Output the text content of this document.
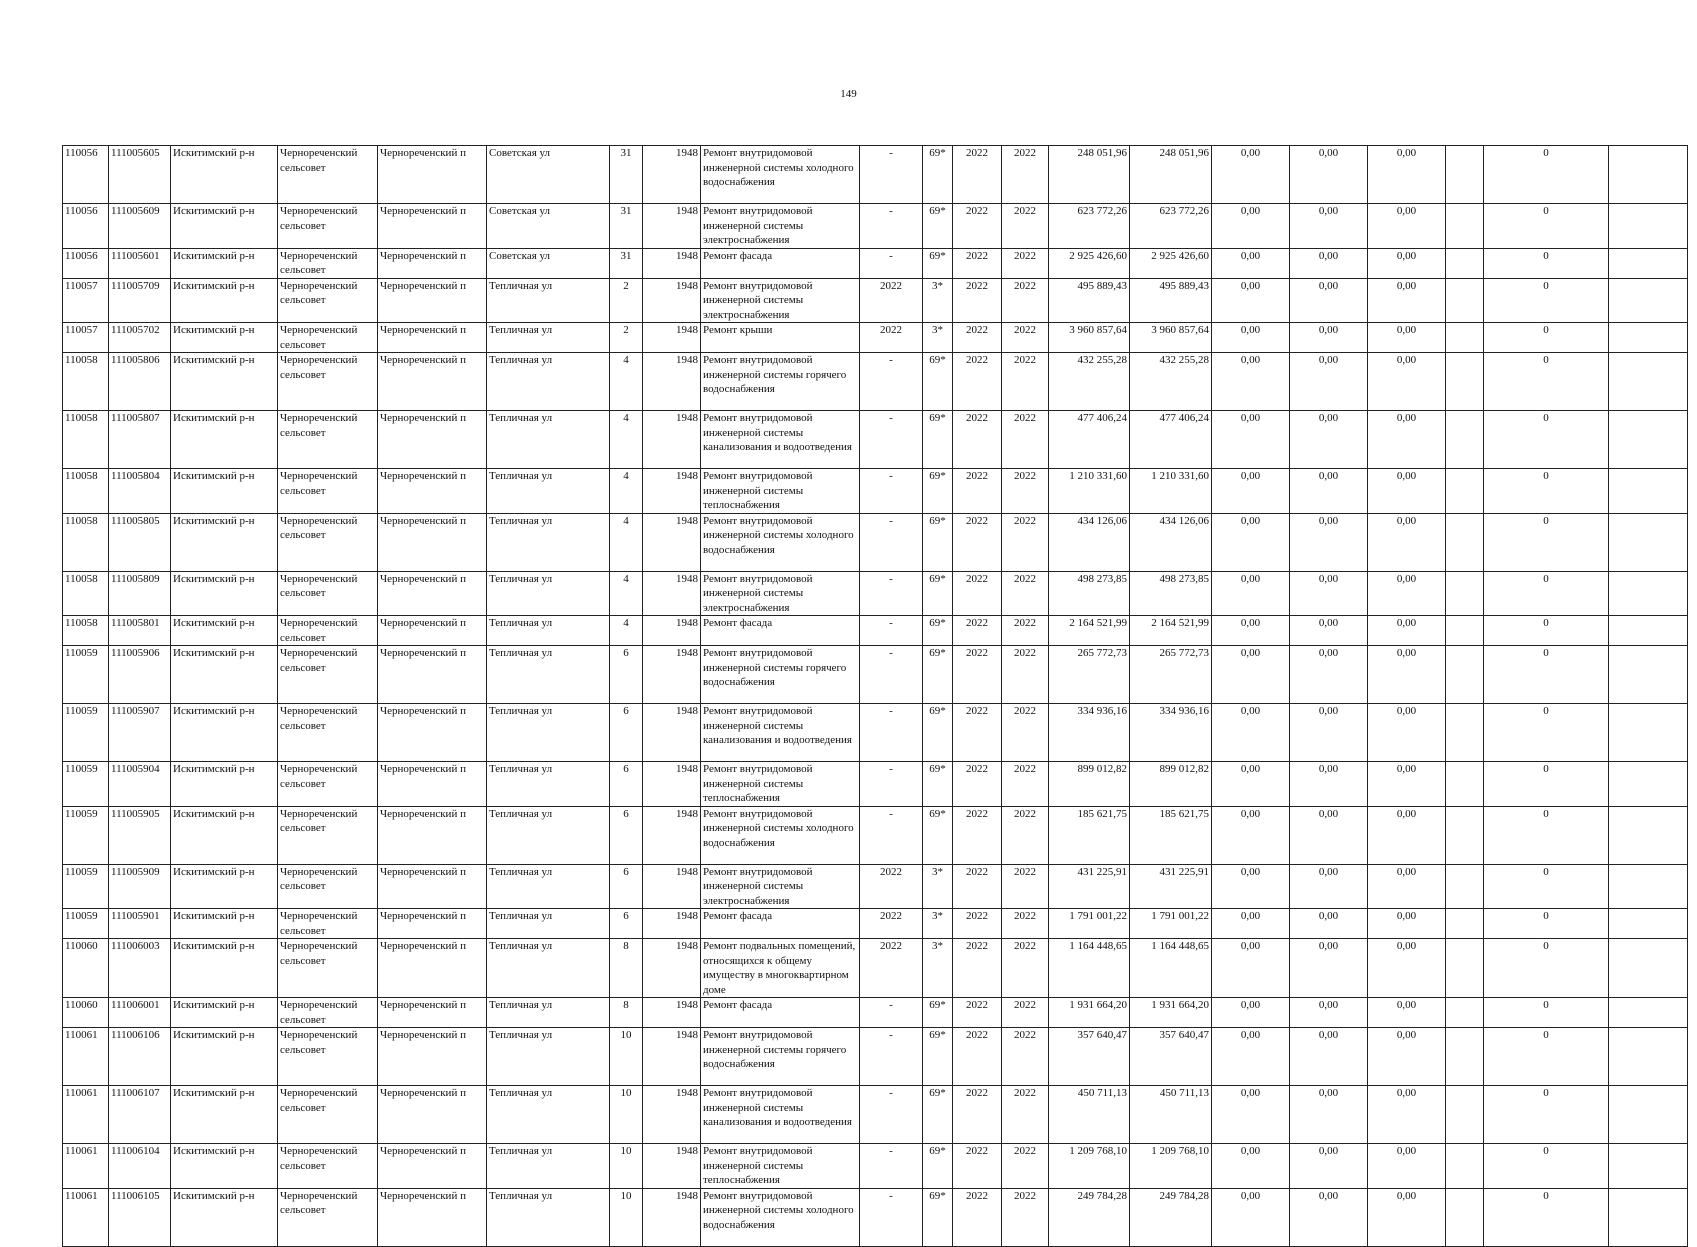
149
110056	111005605	Искитимский р-н	Чернореченский сельсовет	Чернореченский п	Советская ул	31	1948	Ремонт внутридомовой инженерной системы холодного водоснабжения	-	69*	2022	2022	248 051,96	248 051,96	0,00	0,00	0,00		0	
110056	111005609	Искитимский р-н	Чернореченский сельсовет	Чернореченский п	Советская ул	31	1948	Ремонт внутридомовой инженерной системы электроснабжения	-	69*	2022	2022	623 772,26	623 772,26	0,00	0,00	0,00		0	
110056	111005601	Искитимский р-н	Чернореченский сельсовет	Чернореченский п	Советская ул	31	1948	Ремонт фасада	-	69*	2022	2022	2 925 426,60	2 925 426,60	0,00	0,00	0,00		0	
110057	111005709	Искитимский р-н	Чернореченский сельсовет	Чернореченский п	Тепличная ул	2	1948	Ремонт внутридомовой инженерной системы электроснабжения	2022	3*	2022	2022	495 889,43	495 889,43	0,00	0,00	0,00		0	
110057	111005702	Искитимский р-н	Чернореченский сельсовет	Чернореченский п	Тепличная ул	2	1948	Ремонт крыши	2022	3*	2022	2022	3 960 857,64	3 960 857,64	0,00	0,00	0,00		0	
110058	111005806	Искитимский р-н	Чернореченский сельсовет	Чернореченский п	Тепличная ул	4	1948	Ремонт внутридомовой инженерной системы горячего водоснабжения	-	69*	2022	2022	432 255,28	432 255,28	0,00	0,00	0,00		0	
110058	111005807	Искитимский р-н	Чернореченский сельсовет	Чернореченский п	Тепличная ул	4	1948	Ремонт внутридомовой инженерной системы канализования и водоотведения	-	69*	2022	2022	477 406,24	477 406,24	0,00	0,00	0,00		0	
110058	111005804	Искитимский р-н	Чернореченский сельсовет	Чернореченский п	Тепличная ул	4	1948	Ремонт внутридомовой инженерной системы теплоснабжения	-	69*	2022	2022	1 210 331,60	1 210 331,60	0,00	0,00	0,00		0	
110058	111005805	Искитимский р-н	Чернореченский сельсовет	Чернореченский п	Тепличная ул	4	1948	Ремонт внутридомовой инженерной системы холодного водоснабжения	-	69*	2022	2022	434 126,06	434 126,06	0,00	0,00	0,00		0	
110058	111005809	Искитимский р-н	Чернореченский сельсовет	Чернореченский п	Тепличная ул	4	1948	Ремонт внутридомовой инженерной системы электроснабжения	-	69*	2022	2022	498 273,85	498 273,85	0,00	0,00	0,00		0	
110058	111005801	Искитимский р-н	Чернореченский сельсовет	Чернореченский п	Тепличная ул	4	1948	Ремонт фасада	-	69*	2022	2022	2 164 521,99	2 164 521,99	0,00	0,00	0,00		0	
110059	111005906	Искитимский р-н	Чернореченский сельсовет	Чернореченский п	Тепличная ул	6	1948	Ремонт внутридомовой инженерной системы горячего водоснабжения	-	69*	2022	2022	265 772,73	265 772,73	0,00	0,00	0,00		0	
110059	111005907	Искитимский р-н	Чернореченский сельсовет	Чернореченский п	Тепличная ул	6	1948	Ремонт внутридомовой инженерной системы канализования и водоотведения	-	69*	2022	2022	334 936,16	334 936,16	0,00	0,00	0,00		0	
110059	111005904	Искитимский р-н	Чернореченский сельсовет	Чернореченский п	Тепличная ул	6	1948	Ремонт внутридомовой инженерной системы теплоснабжения	-	69*	2022	2022	899 012,82	899 012,82	0,00	0,00	0,00		0	
110059	111005905	Искитимский р-н	Чернореченский сельсовет	Чернореченский п	Тепличная ул	6	1948	Ремонт внутридомовой инженерной системы холодного водоснабжения	-	69*	2022	2022	185 621,75	185 621,75	0,00	0,00	0,00		0	
110059	111005909	Искитимский р-н	Чернореченский сельсовет	Чернореченский п	Тепличная ул	6	1948	Ремонт внутридомовой инженерной системы электроснабжения	2022	3*	2022	2022	431 225,91	431 225,91	0,00	0,00	0,00		0	
110059	111005901	Искитимский р-н	Чернореченский сельсовет	Чернореченский п	Тепличная ул	6	1948	Ремонт фасада	2022	3*	2022	2022	1 791 001,22	1 791 001,22	0,00	0,00	0,00		0	
110060	111006003	Искитимский р-н	Чернореченский сельсовет	Чернореченский п	Тепличная ул	8	1948	Ремонт подвальных помещений, относящихся к общему имуществу в многоквартирном доме	2022	3*	2022	2022	1 164 448,65	1 164 448,65	0,00	0,00	0,00		0	
110060	111006001	Искитимский р-н	Чернореченский сельсовет	Чернореченский п	Тепличная ул	8	1948	Ремонт фасада	-	69*	2022	2022	1 931 664,20	1 931 664,20	0,00	0,00	0,00		0	
110061	111006106	Искитимский р-н	Чернореченский сельсовет	Чернореченский п	Тепличная ул	10	1948	Ремонт внутридомовой инженерной системы горячего водоснабжения	-	69*	2022	2022	357 640,47	357 640,47	0,00	0,00	0,00		0	
110061	111006107	Искитимский р-н	Чернореченский сельсовет	Чернореченский п	Тепличная ул	10	1948	Ремонт внутридомовой инженерной системы канализования и водоотведения	-	69*	2022	2022	450 711,13	450 711,13	0,00	0,00	0,00		0	
110061	111006104	Искитимский р-н	Чернореченский сельсовет	Чернореченский п	Тепличная ул	10	1948	Ремонт внутридомовой инженерной системы теплоснабжения	-	69*	2022	2022	1 209 768,10	1 209 768,10	0,00	0,00	0,00		0	
110061	111006105	Искитимский р-н	Чернореченский сельсовет	Чернореченский п	Тепличная ул	10	1948	Ремонт внутридомовой инженерной системы холодного водоснабжения	-	69*	2022	2022	249 784,28	249 784,28	0,00	0,00	0,00		0	
